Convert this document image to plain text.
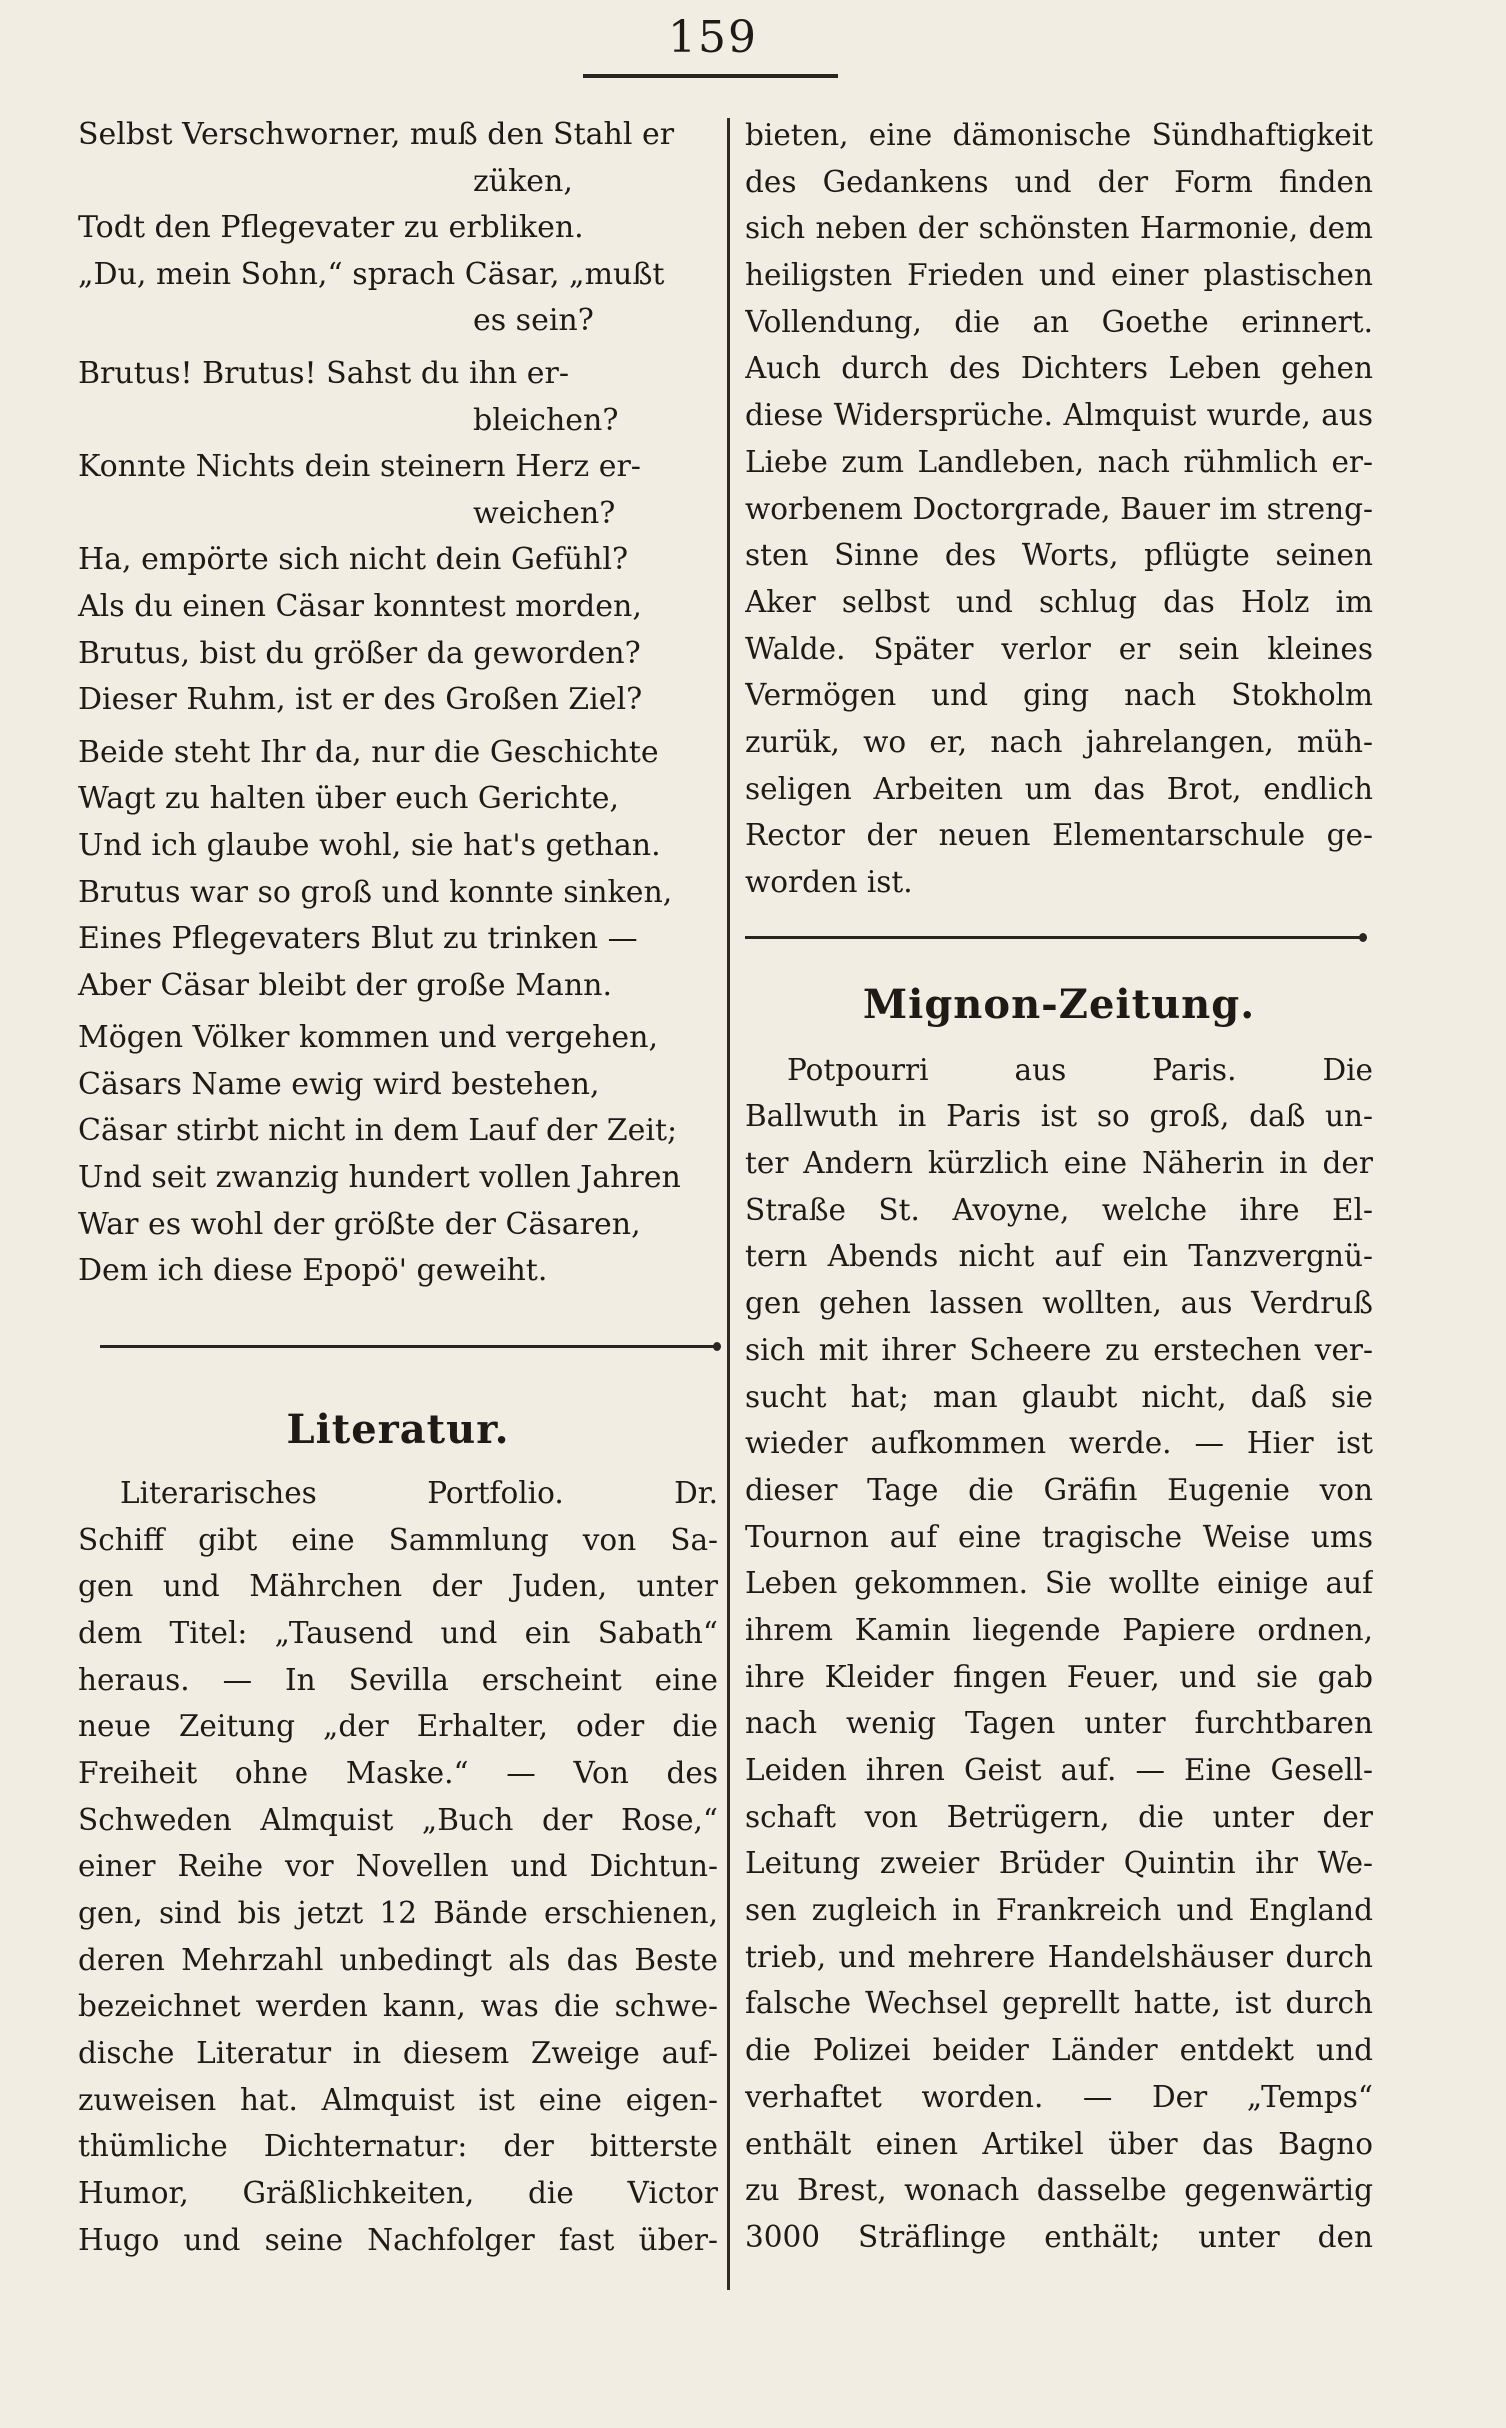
159
Selbst Verschworner, muß den Stahl er
züken,
Todt den Pflegevater zu erbliken.
„Du, mein Sohn,“ sprach Cäsar, „mußt
es sein?
Brutus! Brutus! Sahst du ihn er-
bleichen?
Konnte Nichts dein steinern Herz er-
weichen?
Ha, empörte sich nicht dein Gefühl?
Als du einen Cäsar konntest morden,
Brutus, bist du größer da geworden?
Dieser Ruhm, ist er des Großen Ziel?
Beide steht Ihr da, nur die Geschichte
Wagt zu halten über euch Gerichte,
Und ich glaube wohl, sie hat's gethan.
Brutus war so groß und konnte sinken,
Eines Pflegevaters Blut zu trinken —
Aber Cäsar bleibt der große Mann.
Mögen Völker kommen und vergehen,
Cäsars Name ewig wird bestehen,
Cäsar stirbt nicht in dem Lauf der Zeit;
Und seit zwanzig hundert vollen Jahren
War es wohl der größte der Cäsaren,
Dem ich diese Epopö' geweiht.
Literatur.
Literarisches Portfolio. Dr.
Schiff gibt eine Sammlung von Sa-
gen und Mährchen der Juden, unter
dem Titel: „Tausend und ein Sabath“
heraus. — In Sevilla erscheint eine
neue Zeitung „der Erhalter, oder die
Freiheit ohne Maske.“ — Von des
Schweden Almquist „Buch der Rose,“
einer Reihe vor Novellen und Dichtun-
gen, sind bis jetzt 12 Bände erschienen,
deren Mehrzahl unbedingt als das Beste
bezeichnet werden kann, was die schwe-
dische Literatur in diesem Zweige auf-
zuweisen hat. Almquist ist eine eigen-
thümliche Dichternatur: der bitterste
Humor, Gräßlichkeiten, die Victor
Hugo und seine Nachfolger fast über-
bieten, eine dämonische Sündhaftigkeit
des Gedankens und der Form finden
sich neben der schönsten Harmonie, dem
heiligsten Frieden und einer plastischen
Vollendung, die an Goethe erinnert.
Auch durch des Dichters Leben gehen
diese Widersprüche. Almquist wurde, aus
Liebe zum Landleben, nach rühmlich er-
worbenem Doctorgrade, Bauer im streng-
sten Sinne des Worts, pflügte seinen
Aker selbst und schlug das Holz im
Walde. Später verlor er sein kleines
Vermögen und ging nach Stokholm
zurük, wo er, nach jahrelangen, müh-
seligen Arbeiten um das Brot, endlich
Rector der neuen Elementarschule ge-
worden ist.
Mignon-Zeitung.
Potpourri aus Paris. Die
Ballwuth in Paris ist so groß, daß un-
ter Andern kürzlich eine Näherin in der
Straße St. Avoyne, welche ihre El-
tern Abends nicht auf ein Tanzvergnü-
gen gehen lassen wollten, aus Verdruß
sich mit ihrer Scheere zu erstechen ver-
sucht hat; man glaubt nicht, daß sie
wieder aufkommen werde. — Hier ist
dieser Tage die Gräfin Eugenie von
Tournon auf eine tragische Weise ums
Leben gekommen. Sie wollte einige auf
ihrem Kamin liegende Papiere ordnen,
ihre Kleider fingen Feuer, und sie gab
nach wenig Tagen unter furchtbaren
Leiden ihren Geist auf. — Eine Gesell-
schaft von Betrügern, die unter der
Leitung zweier Brüder Quintin ihr We-
sen zugleich in Frankreich und England
trieb, und mehrere Handelshäuser durch
falsche Wechsel geprellt hatte, ist durch
die Polizei beider Länder entdekt und
verhaftet worden. — Der „Temps“
enthält einen Artikel über das Bagno
zu Brest, wonach dasselbe gegenwärtig
3000 Sträflinge enthält; unter den
